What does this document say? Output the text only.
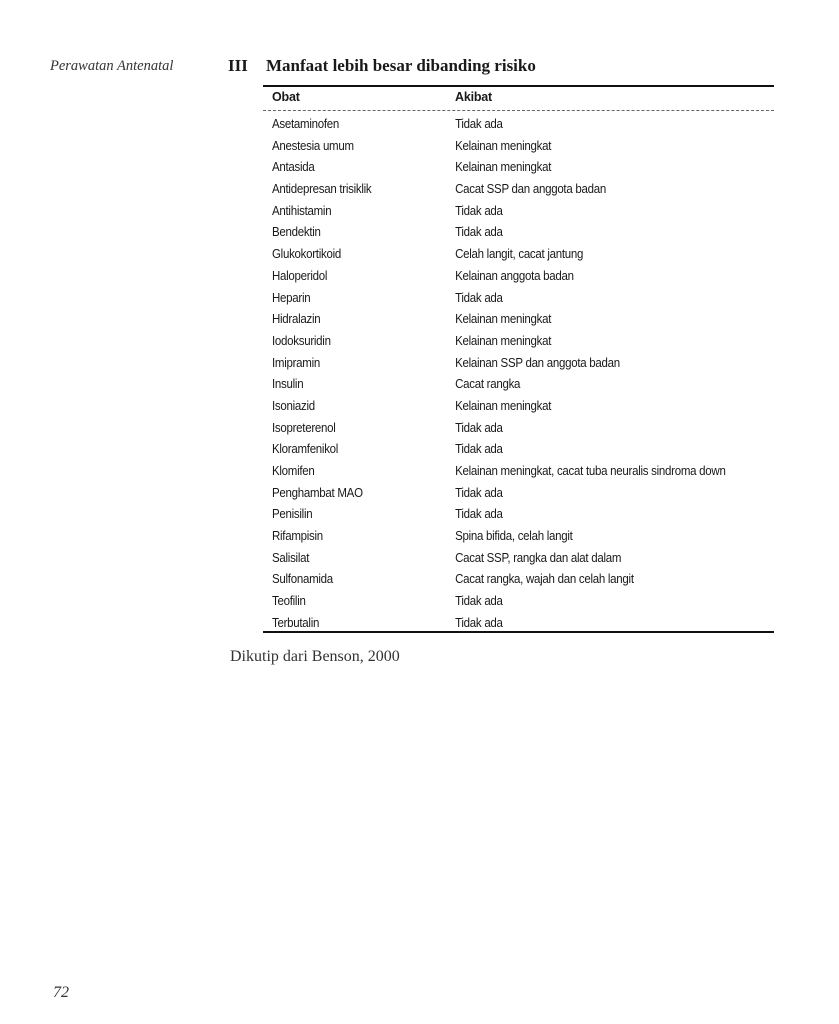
Perawatan Antenatal	III Manfaat lebih besar dibanding risiko
Obat	Akibat
Asetaminofen	Tidak ada
Anestesia umum	Kelainan meningkat
Antasida	Kelainan meningkat
Antidepresan trisiklik	Cacat SSP dan anggota badan
Antihistamin	Tidak ada
Bendektin	Tidak ada
Glukokortikoid	Celah langit, cacat jantung
Haloperidol	Kelainan anggota badan
Heparin	Tidak ada
Hidralazin	Kelainan meningkat
Iodoksuridin	Kelainan meningkat
Imipramin	Kelainan SSP dan anggota badan
Insulin	Cacat rangka
Isoniazid	Kelainan meningkat
Isopreterenol	Tidak ada
Kloramfenikol	Tidak ada
Klomifen	Kelainan meningkat, cacat tuba neuralis sindroma down
Penghambat MAO	Tidak ada
Penisilin	Tidak ada
Rifampisin	Spina bifida, celah langit
Salisilat	Cacat SSP, rangka dan alat dalam
Sulfonamida	Cacat rangka, wajah dan celah langit
Teofilin	Tidak ada
Terbutalin	Tidak ada
Dikutip dari Benson, 2000
72
